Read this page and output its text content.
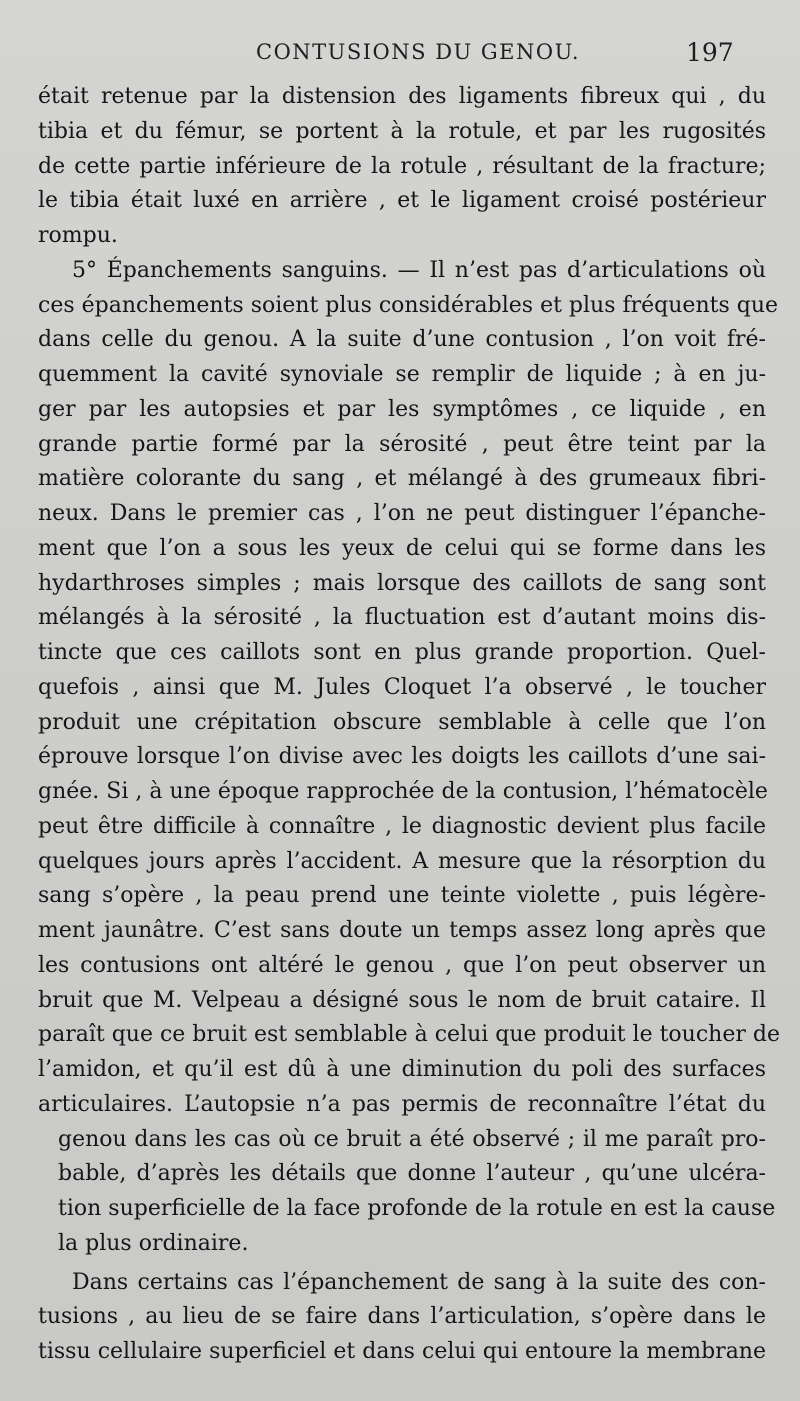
CONTUSIONS DU GENOU.	197
était retenue par la distension des ligaments fibreux qui , du
tibia et du fémur, se portent à la rotule, et par les rugosités
de cette partie inférieure de la rotule , résultant de la fracture;
le tibia était luxé en arrière , et le ligament croisé postérieur
rompu.
5° Épanchements sanguins. — Il n’est pas d’articulations où
ces épanchements soient plus considérables et plus fréquents que
dans celle du genou. A la suite d’une contusion , l’on voit fré-
quemment la cavité synoviale se remplir de liquide ; à en ju-
ger par les autopsies et par les symptômes , ce liquide , en
grande partie formé par la sérosité , peut être teint par la
matière colorante du sang , et mélangé à des grumeaux fibri-
neux. Dans le premier cas , l’on ne peut distinguer l’épanche-
ment que l’on a sous les yeux de celui qui se forme dans les
hydarthroses simples ; mais lorsque des caillots de sang sont
mélangés à la sérosité , la fluctuation est d’autant moins dis-
tincte que ces caillots sont en plus grande proportion. Quel-
quefois , ainsi que M. Jules Cloquet l’a observé , le toucher
produit une crépitation obscure semblable à celle que l’on
éprouve lorsque l’on divise avec les doigts les caillots d’une sai-
gnée. Si , à une époque rapprochée de la contusion, l’hématocèle
peut être difficile à connaître , le diagnostic devient plus facile
quelques jours après l’accident. A mesure que la résorption du
sang s’opère , la peau prend une teinte violette , puis légère-
ment jaunâtre. C’est sans doute un temps assez long après que
les contusions ont altéré le genou , que l’on peut observer un
bruit que M. Velpeau a désigné sous le nom de bruit cataire. Il
paraît que ce bruit est semblable à celui que produit le toucher de
l’amidon, et qu’il est dû à une diminution du poli des surfaces
articulaires. L’autopsie n’a pas permis de reconnaître l’état du
genou dans les cas où ce bruit a été observé ; il me paraît pro-
bable, d’après les détails que donne l’auteur , qu’une ulcéra-
tion superficielle de la face profonde de la rotule en est la cause
la plus ordinaire.
Dans certains cas l’épanchement de sang à la suite des con-
tusions , au lieu de se faire dans l’articulation, s’opère dans le
tissu cellulaire superficiel et dans celui qui entoure la membrane
